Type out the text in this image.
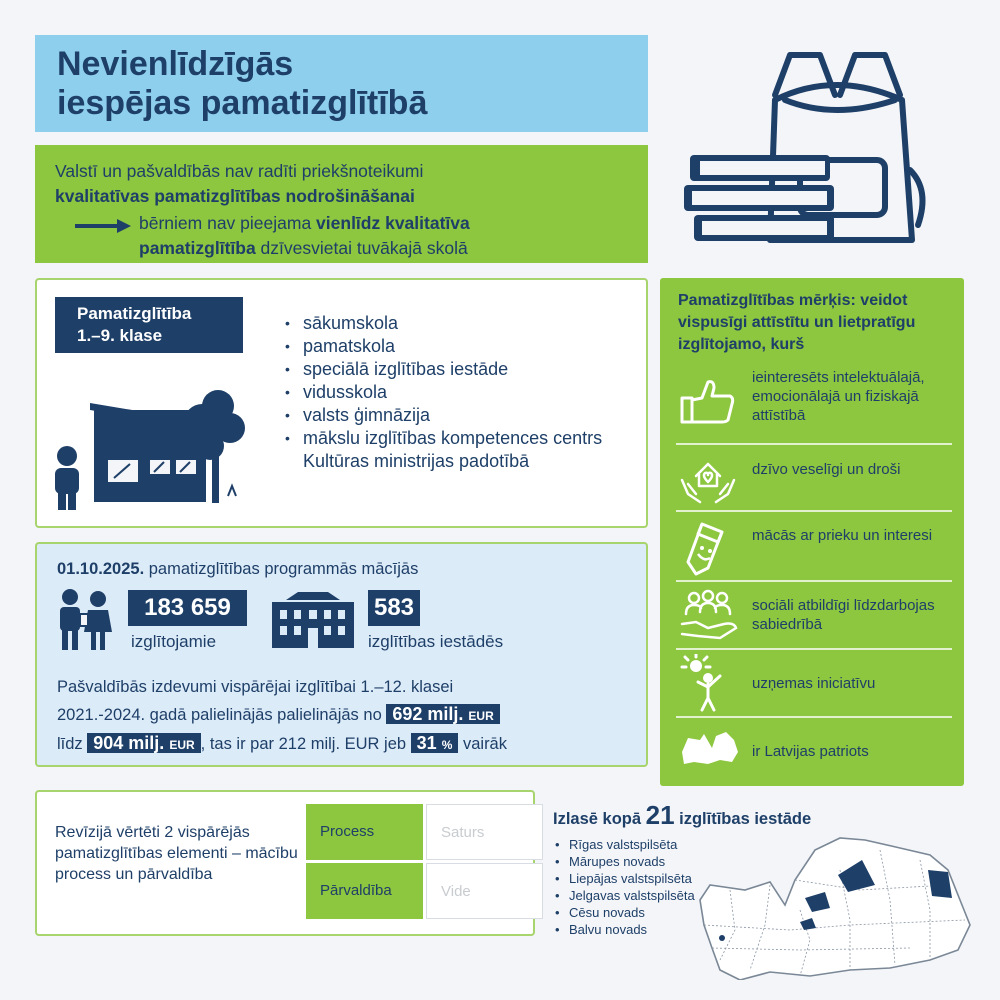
Nevienlīdzīgās
iespējas pamatizglītībā
Valstī un pašvaldībās nav radīti priekšnoteikumi
kvalitatīvas pamatizglītības nodrošināšanai
bērniem nav pieejama vienlīdz kvalitatīva
pamatizglītība dzīvesvietai tuvākajā skolā
Pamatizglītība
1.–9. klase
• sākumskola
• pamatskola
• speciālā izglītības iestāde
• vidusskola
• valsts ģimnāzija
• mākslu izglītības kompetences centrs Kultūras ministrijas padotībā
01.10.2025. pamatizglītības programmās mācījās
183 659
izglītojamie
583
izglītības iestādēs
Pašvaldībās izdevumi vispārējai izglītībai 1.–12. klasei
2021.-2024. gadā palielinājās palielinājās no 692 milj. EUR
līdz 904 milj. EUR , tas ir par 212 milj. EUR jeb 31 % vairāk
Revīzijā vērtēti 2 vispārējās pamatizglītības elementi – mācību process un pārvaldība
Process	Saturs
Pārvaldība	Vide
Pamatizglītības mērķis: veidot vispusīgi attīstītu un lietpratīgu izglītojamo, kurš
ieinteresēts intelektuālajā, emocionālajā un fiziskajā attīstībā
dzīvo veselīgi un droši
mācās ar prieku un interesi
sociāli atbildīgi līdzdarbojas sabiedrībā
uzņemas iniciatīvu
ir Latvijas patriots
Izlasē kopā 21 izglītības iestāde
• Rīgas valstspilsēta
• Mārupes novads
• Liepājas valstspilsēta
• Jelgavas valstspilsēta
• Cēsu novads
• Balvu novads
